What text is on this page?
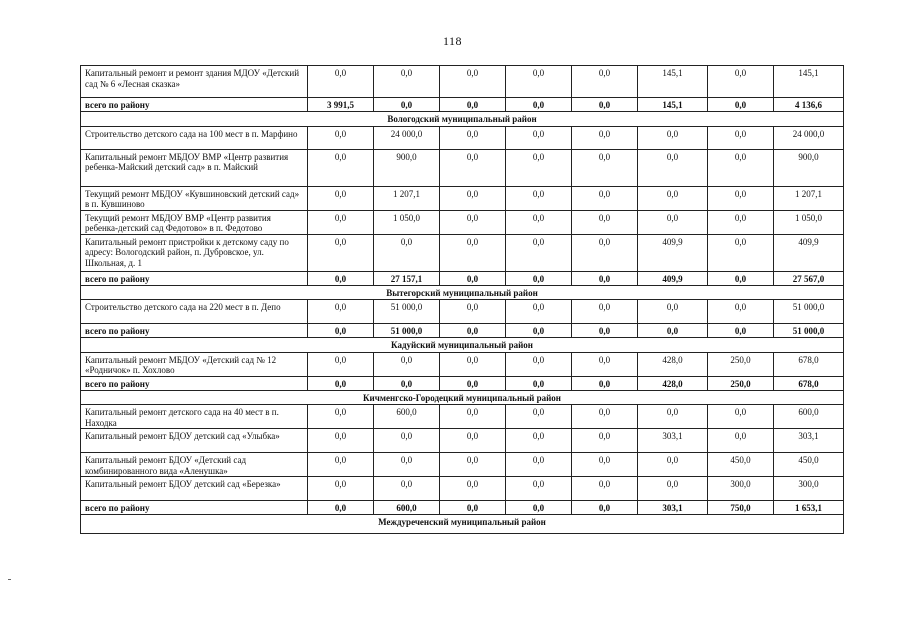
118
Капитальный ремонт и ремонт здания МДОУ «Детский сад № 6 «Лесная сказка»	0,0	0,0	0,0	0,0	0,0	145,1	0,0	145,1
всего по району	3 991,5	0,0	0,0	0,0	0,0	145,1	0,0	4 136,6
Вологодский муниципальный район								
Строительство детского сада на 100 мест в п. Марфино	0,0	24 000,0	0,0	0,0	0,0	0,0	0,0	24 000,0
Капитальный ремонт МБДОУ ВМР «Центр развития ребенка-Майский детский сад» в п. Майский	0,0	900,0	0,0	0,0	0,0	0,0	0,0	900,0
Текущий ремонт МБДОУ «Кувшиновский детский сад» в п. Кувшиново	0,0	1 207,1	0,0	0,0	0,0	0,0	0,0	1 207,1
Текущий ремонт МБДОУ ВМР «Центр развития ребенка-детский сад Федотово» в п. Федотово	0,0	1 050,0	0,0	0,0	0,0	0,0	0,0	1 050,0
Капитальный ремонт пристройки к детскому саду по адресу: Вологодский район, п. Дубровское, ул. Школьная, д. 1	0,0	0,0	0,0	0,0	0,0	409,9	0,0	409,9
всего по району	0,0	27 157,1	0,0	0,0	0,0	409,9	0,0	27 567,0
Вытегорский муниципальный район								
Строительство детского сада на 220 мест в п. Депо	0,0	51 000,0	0,0	0,0	0,0	0,0	0,0	51 000,0
всего по району	0,0	51 000,0	0,0	0,0	0,0	0,0	0,0	51 000,0
Кадуйский муниципальный район								
Капитальный ремонт МБДОУ «Детский сад № 12 «Родничок» п. Хохлово	0,0	0,0	0,0	0,0	0,0	428,0	250,0	678,0
всего по району	0,0	0,0	0,0	0,0	0,0	428,0	250,0	678,0
Кичменгско-Городецкий муниципальный район								
Капитальный ремонт детского сада на 40 мест в п. Находка	0,0	600,0	0,0	0,0	0,0	0,0	0,0	600,0
Капитальный ремонт БДОУ детский сад «Улыбка»	0,0	0,0	0,0	0,0	0,0	303,1	0,0	303,1
Капитальный ремонт БДОУ «Детский сад комбинированного вида «Аленушка»	0,0	0,0	0,0	0,0	0,0	0,0	450,0	450,0
Капитальный ремонт БДОУ детский сад «Березка»	0,0	0,0	0,0	0,0	0,0	0,0	300,0	300,0
всего по району	0,0	600,0	0,0	0,0	0,0	303,1	750,0	1 653,1
Междуреченский муниципальный район								
